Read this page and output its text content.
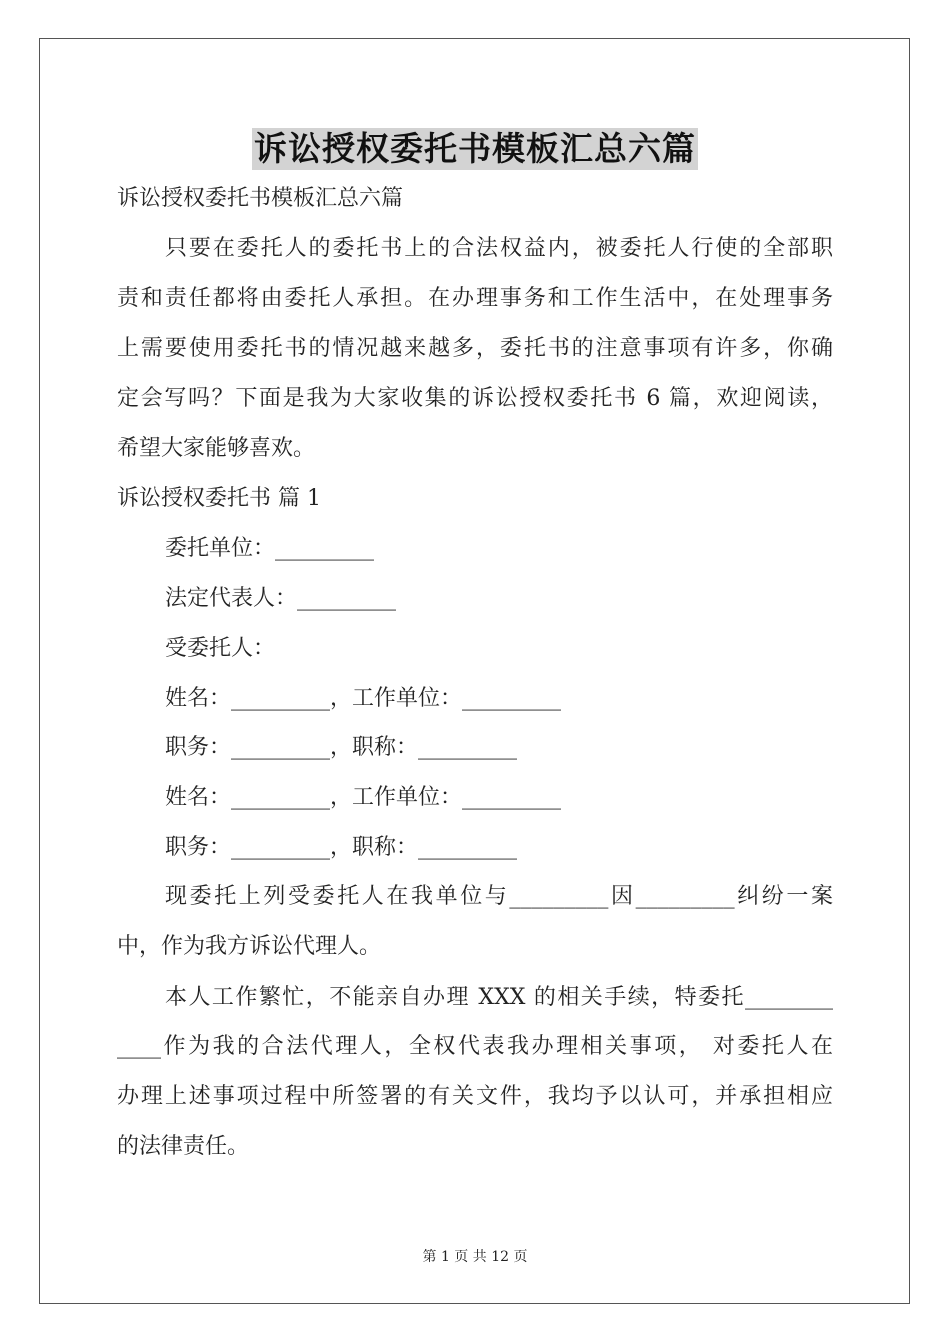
诉讼授权委托书模板汇总六篇
诉讼授权委托书模板汇总六篇
只要在委托人的委托书上的合法权益内，被委托人行使的全部职
责和责任都将由委托人承担。在办理事务和工作生活中，在处理事务
上需要使用委托书的情况越来越多，委托书的注意事项有许多，你确
定会写吗？下面是我为大家收集的诉讼授权委托书 6 篇，欢迎阅读，
希望大家能够喜欢。
诉讼授权委托书 篇 1
委托单位：_________
法定代表人：_________
受委托人：
姓名：_________，工作单位：_________
职务：_________，职称：_________
姓名：_________，工作单位：_________
职务：_________，职称：_________
现委托上列受委托人在我单位与_________因_________纠纷一案
中，作为我方诉讼代理人。
本人工作繁忙，不能亲自办理 XXX 的相关手续，特委托________
____作为我的合法代理人，全权代表我办理相关事项， 对委托人在
办理上述事项过程中所签署的有关文件，我均予以认可，并承担相应
的法律责任。
第 1 页 共 12 页
